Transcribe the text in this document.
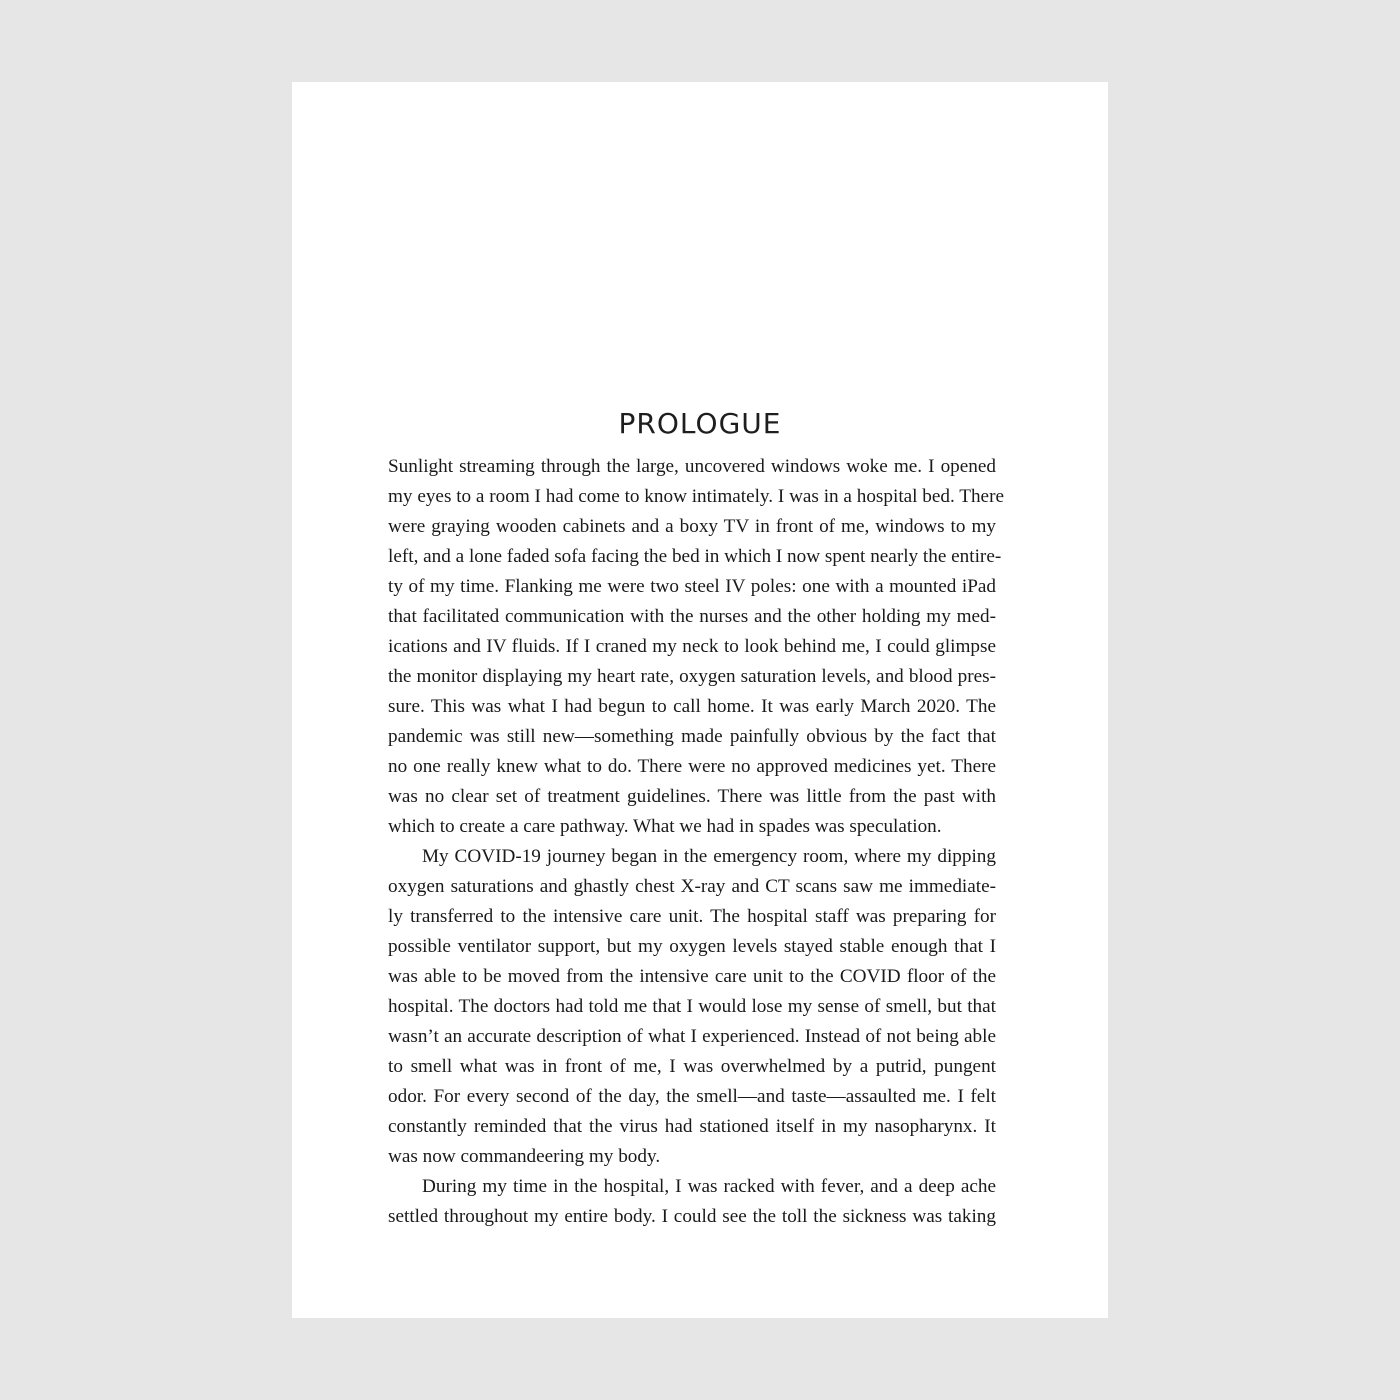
PROLOGUE
Sunlight streaming through the large, uncovered windows woke me. I opened
my eyes to a room I had come to know intimately. I was in a hospital bed. There
were graying wooden cabinets and a boxy TV in front of me, windows to my
left, and a lone faded sofa facing the bed in which I now spent nearly the entire-
ty of my time. Flanking me were two steel IV poles: one with a mounted iPad
that facilitated communication with the nurses and the other holding my med-
ications and IV fluids. If I craned my neck to look behind me, I could glimpse
the monitor displaying my heart rate, oxygen saturation levels, and blood pres-
sure. This was what I had begun to call home. It was early March 2020. The
pandemic was still new—something made painfully obvious by the fact that
no one really knew what to do. There were no approved medicines yet. There
was no clear set of treatment guidelines. There was little from the past with
which to create a care pathway. What we had in spades was speculation.
My COVID-19 journey began in the emergency room, where my dipping
oxygen saturations and ghastly chest X-ray and CT scans saw me immediate-
ly transferred to the intensive care unit. The hospital staff was preparing for
possible ventilator support, but my oxygen levels stayed stable enough that I
was able to be moved from the intensive care unit to the COVID floor of the
hospital. The doctors had told me that I would lose my sense of smell, but that
wasn’t an accurate description of what I experienced. Instead of not being able
to smell what was in front of me, I was overwhelmed by a putrid, pungent
odor. For every second of the day, the smell—and taste—assaulted me. I felt
constantly reminded that the virus had stationed itself in my nasopharynx. It
was now commandeering my body.
During my time in the hospital, I was racked with fever, and a deep ache
settled throughout my entire body. I could see the toll the sickness was taking
